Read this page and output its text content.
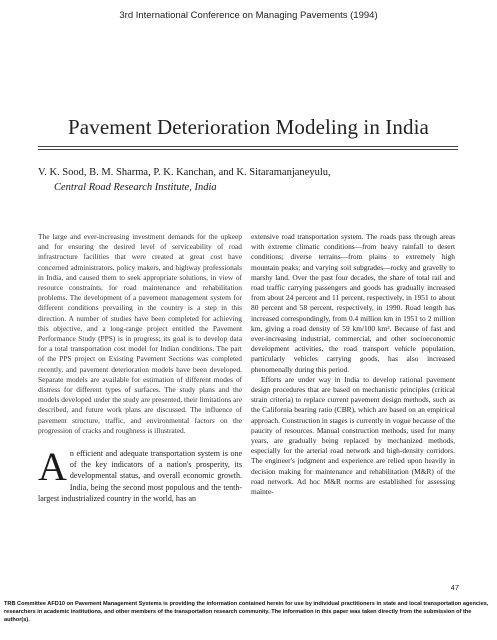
3rd International Conference on Managing Pavements (1994)
Pavement Deterioration Modeling in India
V. K. Sood, B. M. Sharma, P. K. Kanchan, and K. Sitaramanjaneyulu,
Central Road Research Institute, India

The large and ever-increasing investment demands for the upkeep and for ensuring the desired level of serviceability of road infrastructure facilities that were created at great cost have concerned administrators, policy makers, and highway professionals in India, and caused them to seek appropriate solutions, in view of resource constraints, for road maintenance and rehabilitation problems. The development of a pavement management system for different conditions prevailing in the country is a step in this direction. A number of studies have been completed for achieving this objective, and a long-range project entitled the Pavement Performance Study (PPS) is in progress; its goal is to develop data for a total transportation cost model for Indian conditions. The part of the PPS project on Existing Pavement Sections was completed recently, and pavement deterioration models have been developed. Separate models are available for estimation of different modes of distress for different types of surfaces. The study plans and the models developed under the study are presented, their limitations are described, and future work plans are discussed. The influence of pavement structure, traffic, and environmental factors on the progression of cracks and roughness is illustrated.

An efficient and adequate transportation system is one of the key indicators of a nation's prosperity, its developmental status, and overall economic growth. India, being the second most populous and the tenth-largest industrialized country in the world, has an

extensive road transportation system. The roads pass through areas with extreme climatic conditions—from heavy rainfall to desert conditions; diverse terrains—from plains to extremely high mountain peaks; and varying soil subgrades—rocky and gravelly to marshy land. Over the past four decades, the share of total rail and road traffic carrying passengers and goods has gradually increased from about 24 percent and 11 percent, respectively, in 1951 to about 80 percent and 58 percent, respectively, in 1990. Road length has increased correspondingly, from 0.4 million km in 1951 to 2 million km, giving a road density of 59 km/100 km². Because of fast and ever-increasing industrial, commercial, and other socioeconomic development activities, the road transport vehicle population, particularly vehicles carrying goods, has also increased phenomenally during this period.

Efforts are under way in India to develop rational pavement design procedures that are based on mechanistic principles (critical strain criteria) to replace current pavement design methods, such as the California bearing ratio (CBR), which are based on an empirical approach. Construction in stages is currently in vogue because of the paucity of resources. Manual construction methods, used for many years, are gradually being replaced by mechanized methods, especially for the arterial road network and high-density corridors. The engineer's judgment and experience are relied upon heavily in decision making for maintenance and rehabilitation (M&R) of the road network. Ad hoc M&R norms are established for assessing mainte-

47
TRB Committee AFD10 on Pavement Management Systems is providing the information contained herein for use by individual practitioners in state and local transportation agencies, researchers in academic institutions, and other members of the transportation research community. The information in this paper was taken directly from the submission of the author(s).
